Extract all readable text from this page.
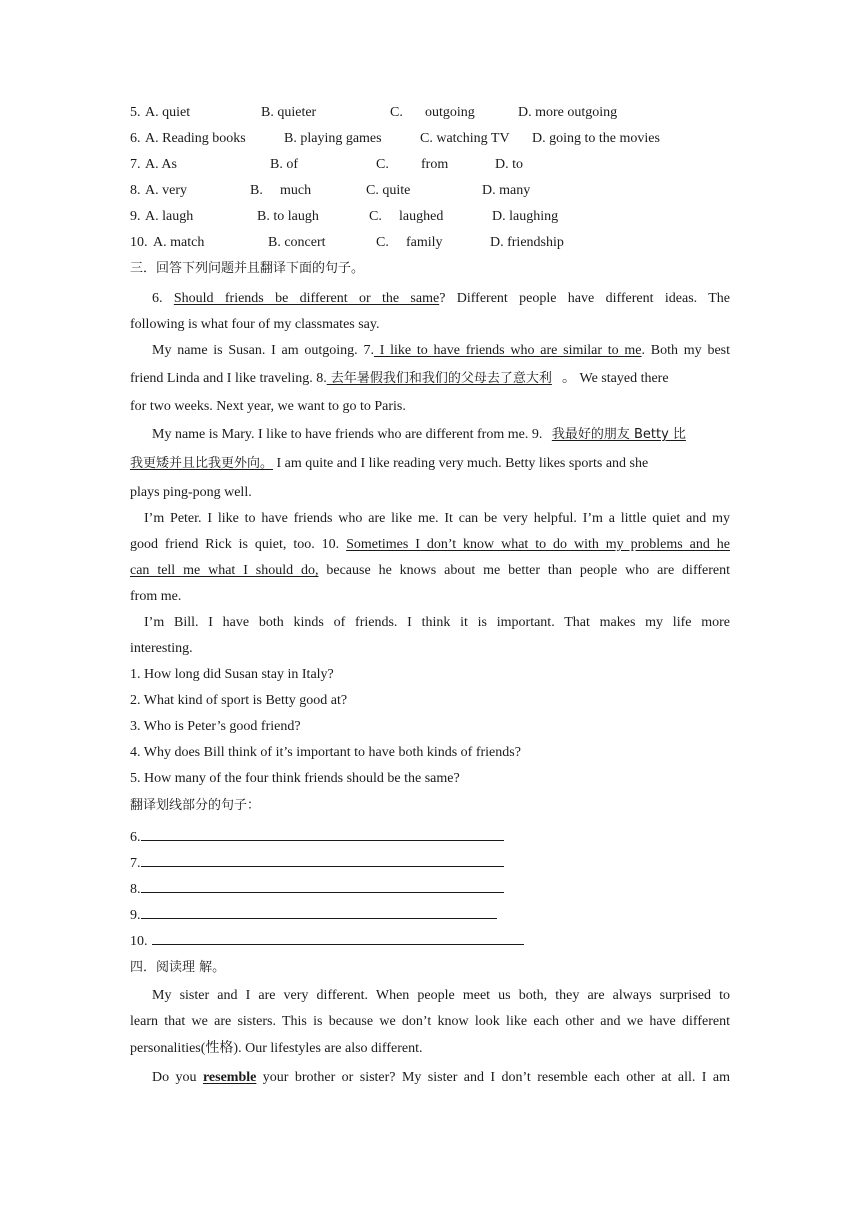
5. A. quiet	B. quieter	C. outgoing	D. more outgoing
6. A. Reading books	B. playing games	C. watching TV D. going to the movies
7. A. As	B. of	C. from	D. to
8. A. very	B. much	C. quite	D. many
9. A. laugh	B. to laugh	C. laughed	D. laughing
10. A. match	B. concert	C. family	D. friendship
三．回答下列问题并且翻译下面的句子。
6. Should friends be different or the same? Different people have different ideas. The
following is what four of my classmates say.
My name is Susan. I am outgoing. 7. I like to have friends who are similar to me. Both my best
friend Linda and I like traveling. 8. 去年暑假我们和我们的父母去了意大利 。 We stayed there
for two weeks. Next year, we want to go to Paris.
My name is Mary. I like to have friends who are different from me. 9. 我最好的朋友 Betty 比
我更矮并且比我更外向。 I am quite and I like reading very much. Betty likes sports and she
plays ping-pong well.
I’m Peter. I like to have friends who are like me. It can be very helpful. I’m a little quiet and my
good friend Rick is quiet, too. 10. Sometimes I don’t know what to do with my problems and he
can tell me what I should do, because he knows about me better than people who are different
from me.
I’m Bill. I have both kinds of friends. I think it is important. That makes my life more
interesting.
1. How long did Susan stay in Italy?
2. What kind of sport is Betty good at?
3. Who is Peter’s good friend?
4. Why does Bill think of it’s important to have both kinds of friends?
5. How many of the four think friends should be the same?
翻译划线部分的句子：
6.
7.
8.
9.
10.
四．阅读理 解。
My sister and I are very different. When people meet us both, they are always surprised to
learn that we are sisters. This is because we don’t know look like each other and we have different
personalities(性格). Our lifestyles are also different.
Do you resemble your brother or sister? My sister and I don’t resemble each other at all. I am
